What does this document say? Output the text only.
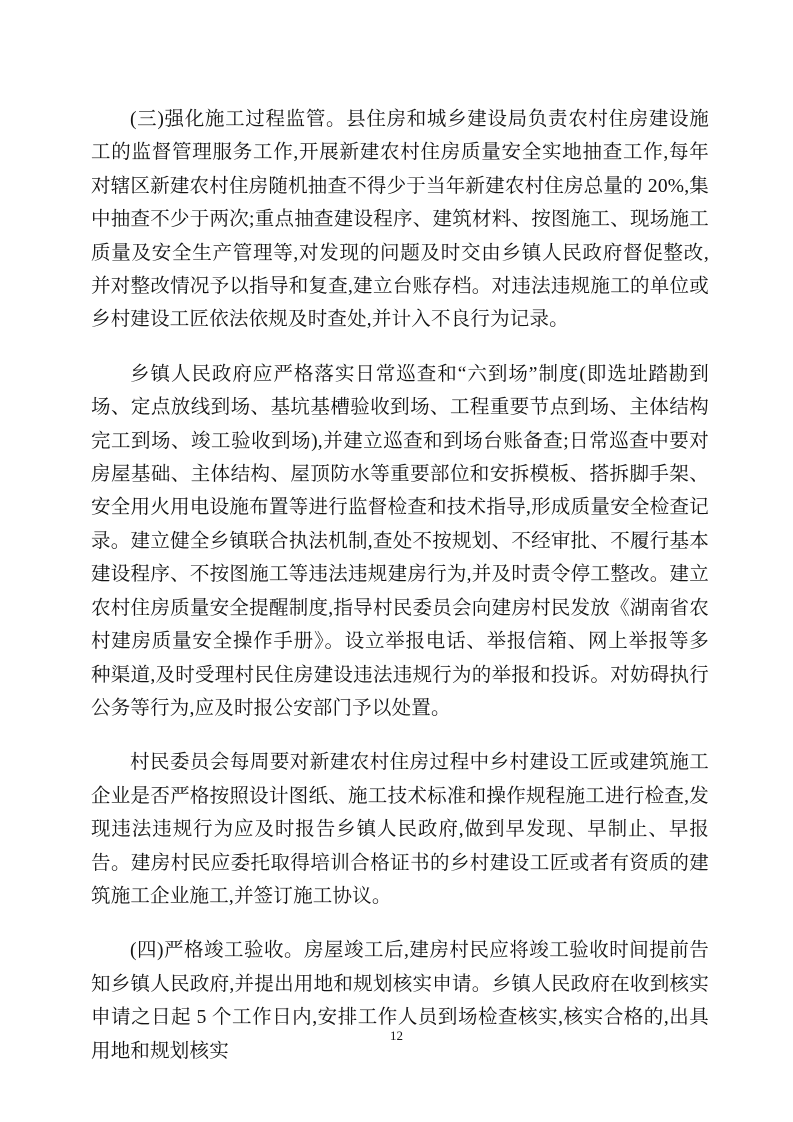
(三)强化施工过程监管。县住房和城乡建设局负责农村住房建设施工的监督管理服务工作,开展新建农村住房质量安全实地抽查工作,每年对辖区新建农村住房随机抽查不得少于当年新建农村住房总量的 20%,集中抽查不少于两次;重点抽查建设程序、建筑材料、按图施工、现场施工质量及安全生产管理等,对发现的问题及时交由乡镇人民政府督促整改,并对整改情况予以指导和复查,建立台账存档。对违法违规施工的单位或乡村建设工匠依法依规及时查处,并计入不良行为记录。

乡镇人民政府应严格落实日常巡查和“六到场”制度(即选址踏勘到场、定点放线到场、基坑基槽验收到场、工程重要节点到场、主体结构完工到场、竣工验收到场),并建立巡查和到场台账备查;日常巡查中要对房屋基础、主体结构、屋顶防水等重要部位和安拆模板、搭拆脚手架、安全用火用电设施布置等进行监督检查和技术指导,形成质量安全检查记录。建立健全乡镇联合执法机制,查处不按规划、不经审批、不履行基本建设程序、不按图施工等违法违规建房行为,并及时责令停工整改。建立农村住房质量安全提醒制度,指导村民委员会向建房村民发放《湖南省农村建房质量安全操作手册》。设立举报电话、举报信箱、网上举报等多种渠道,及时受理村民住房建设违法违规行为的举报和投诉。对妨碍执行公务等行为,应及时报公安部门予以处置。

村民委员会每周要对新建农村住房过程中乡村建设工匠或建筑施工企业是否严格按照设计图纸、施工技术标准和操作规程施工进行检查,发现违法违规行为应及时报告乡镇人民政府,做到早发现、早制止、早报告。建房村民应委托取得培训合格证书的乡村建设工匠或者有资质的建筑施工企业施工,并签订施工协议。

(四)严格竣工验收。房屋竣工后,建房村民应将竣工验收时间提前告知乡镇人民政府,并提出用地和规划核实申请。乡镇人民政府在收到核实申请之日起 5 个工作日内,安排工作人员到场检查核实,核实合格的,出具用地和规划核实

12
